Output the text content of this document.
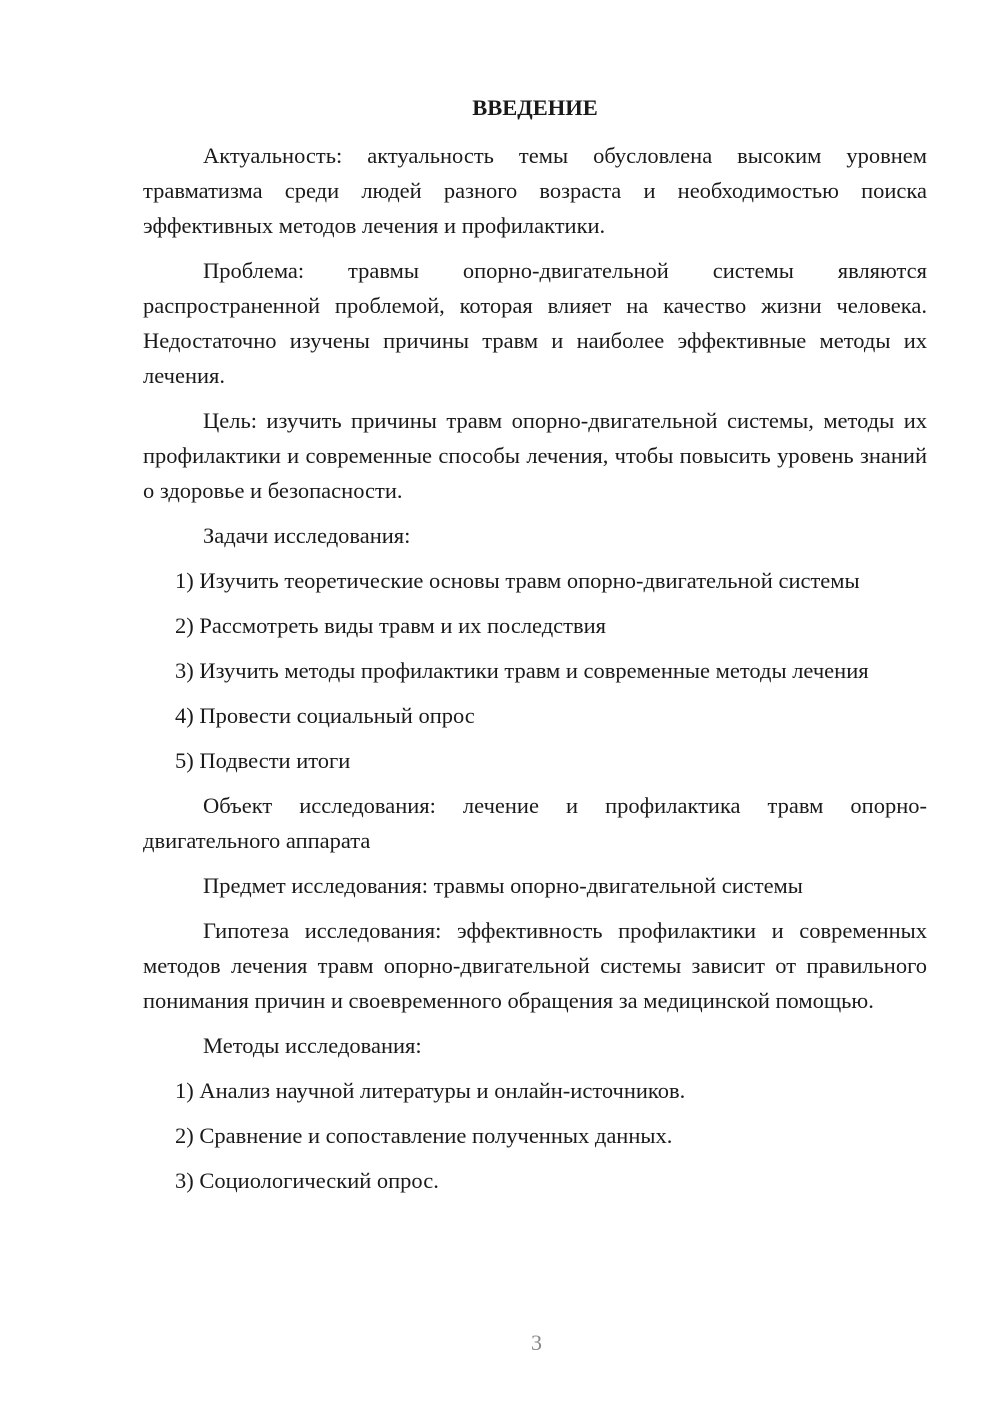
ВВЕДЕНИЕ

Актуальность: актуальность темы обусловлена высоким уровнем травматизма среди людей разного возраста и необходимостью поиска эффективных методов лечения и профилактики.

Проблема: травмы опорно-двигательной системы являются распространенной проблемой, которая влияет на качество жизни человека. Недостаточно изучены причины травм и наиболее эффективные методы их лечения.

Цель: изучить причины травм опорно-двигательной системы, методы их профилактики и современные способы лечения, чтобы повысить уровень знаний о здоровье и безопасности.

Задачи исследования:

1) Изучить теоретические основы травм опорно-двигательной системы

2) Рассмотреть виды травм и их последствия

3) Изучить методы профилактики травм и современные методы лечения

4) Провести социальный опрос

5) Подвести итоги

Объект исследования: лечение и профилактика травм опорно-двигательного аппарата

Предмет исследования: травмы опорно-двигательной системы

Гипотеза исследования: эффективность профилактики и современных методов лечения травм опорно-двигательной системы зависит от правильного понимания причин и своевременного обращения за медицинской помощью.

Методы исследования:

1) Анализ научной литературы и онлайн-источников.

2) Сравнение и сопоставление полученных данных.

3) Социологический опрос.

3
